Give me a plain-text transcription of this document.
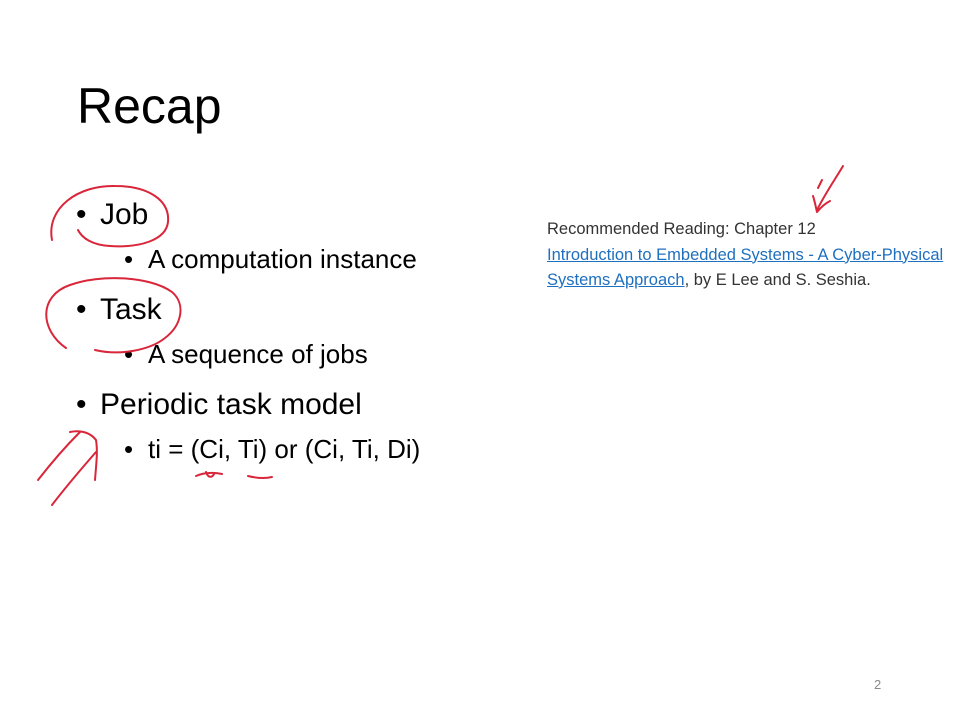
Recap
• Job
• A computation instance
• Task
• A sequence of jobs
• Periodic task model
• ti = (Ci, Ti) or (Ci, Ti, Di)
Recommended Reading: Chapter 12
Introduction to Embedded Systems - A Cyber-Physical Systems Approach, by E Lee and S. Seshia.
2
